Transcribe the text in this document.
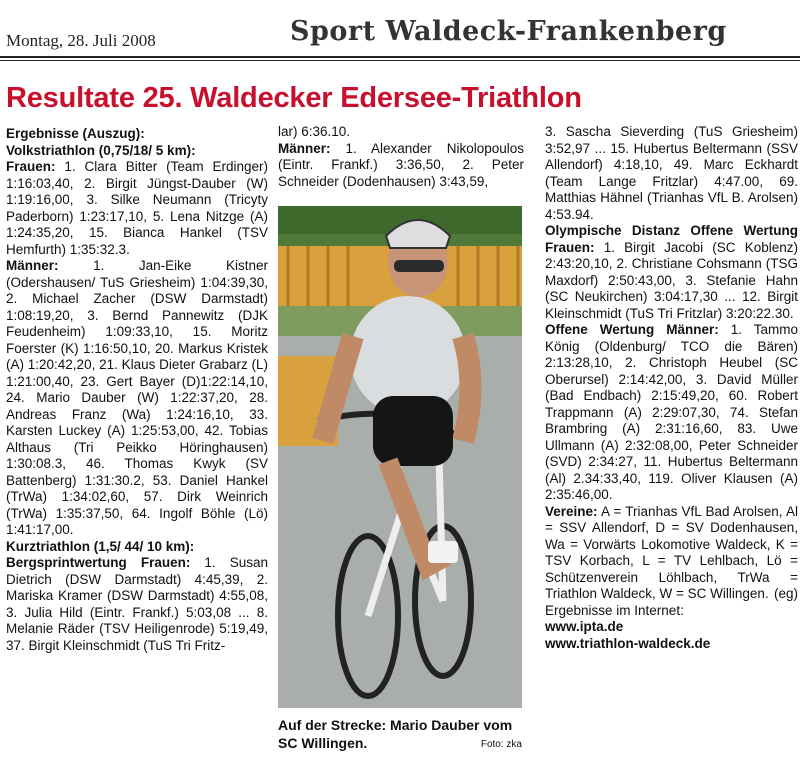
Montag, 28. Juli 2008	Sport Waldeck-Frankenberg
Resultate 25. Waldecker Edersee-Triathlon

Ergebnisse (Auszug):

Volkstriathlon (0,75/18/ 5 km):

Frauen: 1. Clara Bitter (Team Erdinger) 1:16:03,40, 2. Birgit Jüngst-Dauber (W) 1:19:16,00, 3. Silke Neumann (Tricyty Paderborn) 1:23:17,10, 5. Lena Nitzge (A) 1:24:35,20, 15. Bianca Hankel (TSV Hemfurth) 1:35:32.3.

Männer: 1. Jan-Eike Kistner (Odershausen/ TuS Griesheim) 1:04:39,30, 2. Michael Zacher (DSW Darmstadt) 1:08:19,20, 3. Bernd Pannewitz (DJK Feudenheim) 1:09:33,10, 15. Moritz Foerster (K) 1:16:50,10, 20. Markus Kristek (A) 1:20:42,20, 21. Klaus Dieter Grabarz (L) 1:21:00,40, 23. Gert Bayer (D)1:22:14,10, 24. Mario Dauber (W) 1:22:37,20, 28. Andreas Franz (Wa) 1:24:16,10, 33. Karsten Luckey (A) 1:25:53,00, 42. Tobias Althaus (Tri Peikko Höringhausen) 1:30:08.3, 46. Thomas Kwyk (SV Battenberg) 1:31:30.2, 53. Daniel Hankel (TrWa) 1:34:02,60, 57. Dirk Weinrich (TrWa) 1:35:37,50, 64. Ingolf Böhle (Lö) 1:41:17,00.

Kurztriathlon (1,5/ 44/ 10 km):

Bergsprintwertung Frauen: 1. Susan Dietrich (DSW Darmstadt) 4:45,39, 2. Mariska Kramer (DSW Darmstadt) 4:55,08, 3. Julia Hild (Eintr. Frankf.) 5:03,08 ... 8. Melanie Räder (TSV Heiligenrode) 5:19,49, 37. Birgit Kleinschmidt (TuS Tri Fritz-

lar) 6:36.10.

Männer: 1. Alexander Nikolopoulos (Eintr. Frankf.) 3:36,50, 2. Peter Schneider (Dodenhausen) 3:43,59,

Auf der Strecke: Mario Dauber vom SC Willingen.	Foto: zka

3. Sascha Sieverding (TuS Griesheim) 3:52,97 ... 15. Hubertus Beltermann (SSV Allendorf) 4:18,10, 49. Marc Eckhardt (Team Lange Fritzlar) 4:47.00, 69. Matthias Hähnel (Trianhas VfL B. Arolsen) 4:53.94.

Olympische Distanz Offene Wertung Frauen: 1. Birgit Jacobi (SC Koblenz) 2:43:20,10, 2. Christiane Cohsmann (TSG Maxdorf) 2:50:43,00, 3. Stefanie Hahn (SC Neukirchen) 3:04:17,30 ... 12. Birgit Kleinschmidt (TuS Tri Fritzlar) 3:20:22.30.

Offene Wertung Männer: 1. Tammo König (Oldenburg/ TCO die Bären) 2:13:28,10, 2. Christoph Heubel (SC Oberursel) 2:14:42,00, 3. David Müller (Bad Endbach) 2:15:49,20, 60. Robert Trappmann (A) 2:29:07,30, 74. Stefan Brambring (A) 2:31:16,60, 83. Uwe Ullmann (A) 2:32:08,00, Peter Schneider (SVD) 2:34:27, 11. Hubertus Beltermann (Al) 2.34:33,40, 119. Oliver Klausen (A) 2:35:46,00.

Vereine: A = Trianhas VfL Bad Arolsen, Al = SSV Allendorf, D = SV Dodenhausen, Wa = Vorwärts Lokomotive Waldeck, K = TSV Korbach, L = TV Lehlbach, Lö = Schützenverein Löhlbach, TrWa = Triathlon Waldeck, W = SC Willingen. (eg)

Ergebnisse im Internet:

www.ipta.de

www.triathlon-waldeck.de
